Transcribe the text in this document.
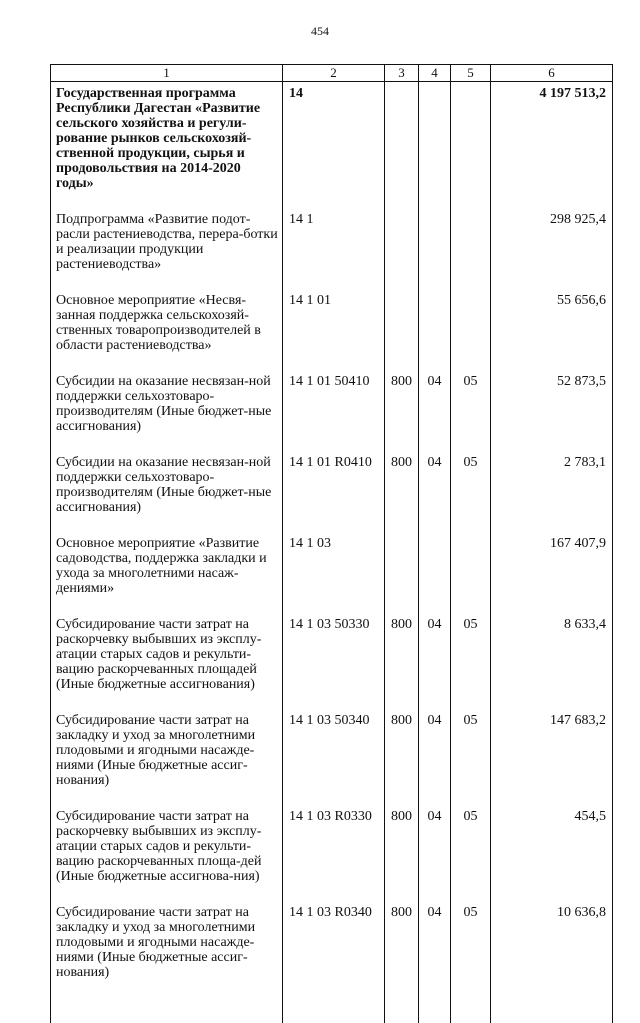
454
1	2	3	4	5	6
Государственная программа Республики Дагестан «Развитие сельского хозяйства и регули-рование рынков сельскохозяй-ственной продукции, сырья и продовольствия на 2014-2020 годы»	14				4 197 513,2
Подпрограмма «Развитие подот-расли растениеводства, перера-ботки и реализации продукции растениеводства»	14 1				298 925,4
Основное мероприятие «Несвя-занная поддержка сельскохозяй-ственных товаропроизводителей в области растениеводства»	14 1 01				55 656,6
Субсидии на оказание несвязан-ной поддержки сельхозтоваро-производителям (Иные бюджет-ные ассигнования)	14 1 01 50410	800	04	05	52 873,5
Субсидии на оказание несвязан-ной поддержки сельхозтоваро-производителям (Иные бюджет-ные ассигнования)	14 1 01 R0410	800	04	05	2 783,1
Основное мероприятие «Развитие садоводства, поддержка закладки и ухода за многолетними насаж-дениями»	14 1 03				167 407,9
Субсидирование части затрат на раскорчевку выбывших из эксплу-атации старых садов и рекульти-вацию раскорчеванных площадей (Иные бюджетные ассигнования)	14 1 03 50330	800	04	05	8 633,4
Субсидирование части затрат на закладку и уход за многолетними плодовыми и ягодными насажде-ниями (Иные бюджетные ассиг-нования)	14 1 03 50340	800	04	05	147 683,2
Субсидирование части затрат на раскорчевку выбывших из эксплу-атации старых садов и рекульти-вацию раскорчеванных площа-дей (Иные бюджетные ассигнова-ния)	14 1 03 R0330	800	04	05	454,5
Субсидирование части затрат на закладку и уход за многолетними плодовыми и ягодными насажде-ниями (Иные бюджетные ассиг-нования)	14 1 03 R0340	800	04	05	10 636,8
